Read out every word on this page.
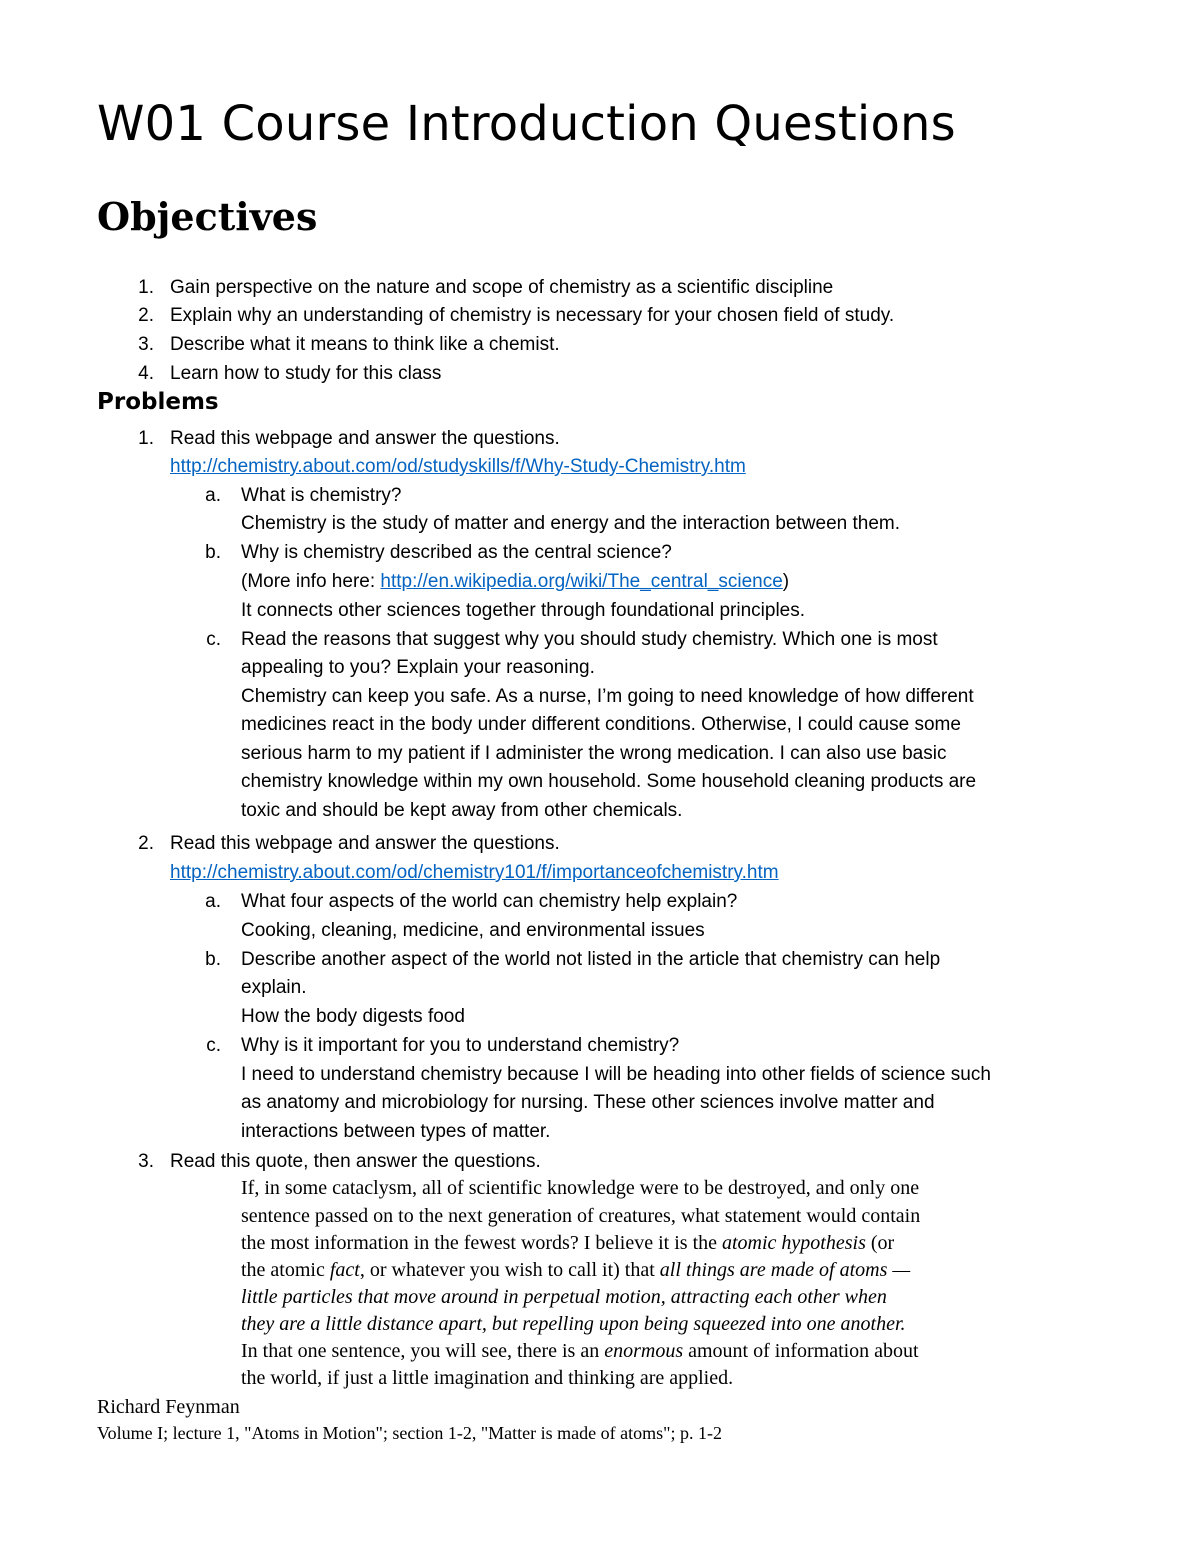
W01 Course Introduction Questions
Objectives
1. Gain perspective on the nature and scope of chemistry as a scientific discipline
2. Explain why an understanding of chemistry is necessary for your chosen field of study.
3. Describe what it means to think like a chemist.
4. Learn how to study for this class
Problems
1. Read this webpage and answer the questions.
http://chemistry.about.com/od/studyskills/f/Why-Study-Chemistry.htm
a. What is chemistry?
Chemistry is the study of matter and energy and the interaction between them.
b. Why is chemistry described as the central science?
(More info here: http://en.wikipedia.org/wiki/The_central_science)
It connects other sciences together through foundational principles.
c. Read the reasons that suggest why you should study chemistry. Which one is most
appealing to you? Explain your reasoning.
Chemistry can keep you safe. As a nurse, I’m going to need knowledge of how different
medicines react in the body under different conditions. Otherwise, I could cause some
serious harm to my patient if I administer the wrong medication. I can also use basic
chemistry knowledge within my own household. Some household cleaning products are
toxic and should be kept away from other chemicals.
2. Read this webpage and answer the questions.
http://chemistry.about.com/od/chemistry101/f/importanceofchemistry.htm
a. What four aspects of the world can chemistry help explain?
Cooking, cleaning, medicine, and environmental issues
b. Describe another aspect of the world not listed in the article that chemistry can help
explain.
How the body digests food
c. Why is it important for you to understand chemistry?
I need to understand chemistry because I will be heading into other fields of science such
as anatomy and microbiology for nursing. These other sciences involve matter and
interactions between types of matter.
3. Read this quote, then answer the questions.
If, in some cataclysm, all of scientific knowledge were to be destroyed, and only one
sentence passed on to the next generation of creatures, what statement would contain
the most information in the fewest words? I believe it is the atomic hypothesis (or
the atomic fact, or whatever you wish to call it) that all things are made of atoms —
little particles that move around in perpetual motion, attracting each other when
they are a little distance apart, but repelling upon being squeezed into one another.
In that one sentence, you will see, there is an enormous amount of information about
the world, if just a little imagination and thinking are applied.
Richard Feynman
Volume I; lecture 1, "Atoms in Motion"; section 1-2, "Matter is made of atoms"; p. 1-2
